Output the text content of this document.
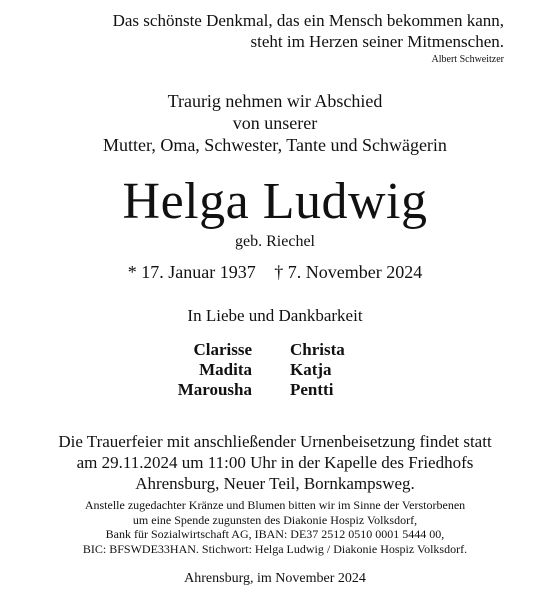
Das schönste Denkmal, das ein Mensch bekommen kann,
steht im Herzen seiner Mitmenschen.
Albert Schweitzer
Traurig nehmen wir Abschied
von unserer
Mutter, Oma, Schwester, Tante und Schwägerin
Helga Ludwig
geb. Riechel
* 17. Januar 1937 † 7. November 2024
In Liebe und Dankbarkeit
Clarisse
Madita
Marousha
Christa
Katja
Pentti
Die Trauerfeier mit anschließender Urnenbeisetzung findet statt
am 29.11.2024 um 11:00 Uhr in der Kapelle des Friedhofs
Ahrensburg, Neuer Teil, Bornkampsweg.
Anstelle zugedachter Kränze und Blumen bitten wir im Sinne der Verstorbenen
um eine Spende zugunsten des Diakonie Hospiz Volksdorf,
Bank für Sozialwirtschaft AG, IBAN: DE37 2512 0510 0001 5444 00,
BIC: BFSWDE33HAN. Stichwort: Helga Ludwig / Diakonie Hospiz Volksdorf.
Ahrensburg, im November 2024
